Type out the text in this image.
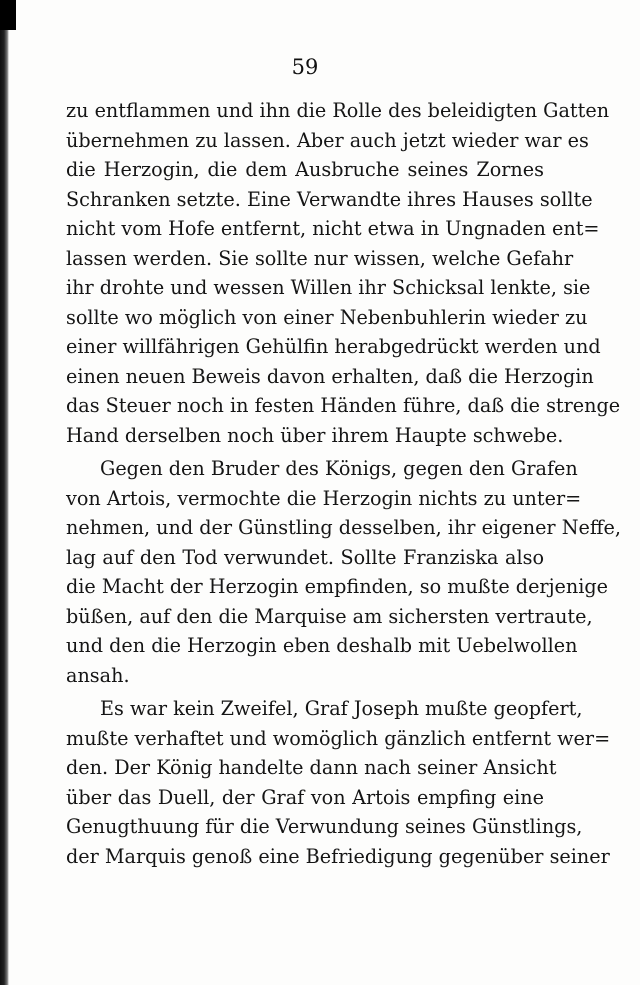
59
zu entflammen und ihn die Rolle des beleidigten Gatten
übernehmen zu lassen. Aber auch jetzt wieder war es
die Herzogin, die dem Ausbruche seines Zornes
Schranken setzte. Eine Verwandte ihres Hauses sollte
nicht vom Hofe entfernt, nicht etwa in Ungnaden ent=
lassen werden. Sie sollte nur wissen, welche Gefahr
ihr drohte und wessen Willen ihr Schicksal lenkte, sie
sollte wo möglich von einer Nebenbuhlerin wieder zu
einer willfährigen Gehülfin herabgedrückt werden und
einen neuen Beweis davon erhalten, daß die Herzogin
das Steuer noch in festen Händen führe, daß die strenge
Hand derselben noch über ihrem Haupte schwebe.
Gegen den Bruder des Königs, gegen den Grafen
von Artois, vermochte die Herzogin nichts zu unter=
nehmen, und der Günstling desselben, ihr eigener Neffe,
lag auf den Tod verwundet. Sollte Franziska also
die Macht der Herzogin empfinden, so mußte derjenige
büßen, auf den die Marquise am sichersten vertraute,
und den die Herzogin eben deshalb mit Uebelwollen
ansah.
Es war kein Zweifel, Graf Joseph mußte geopfert,
mußte verhaftet und womöglich gänzlich entfernt wer=
den. Der König handelte dann nach seiner Ansicht
über das Duell, der Graf von Artois empfing eine
Genugthuung für die Verwundung seines Günstlings,
der Marquis genoß eine Befriedigung gegenüber seiner
